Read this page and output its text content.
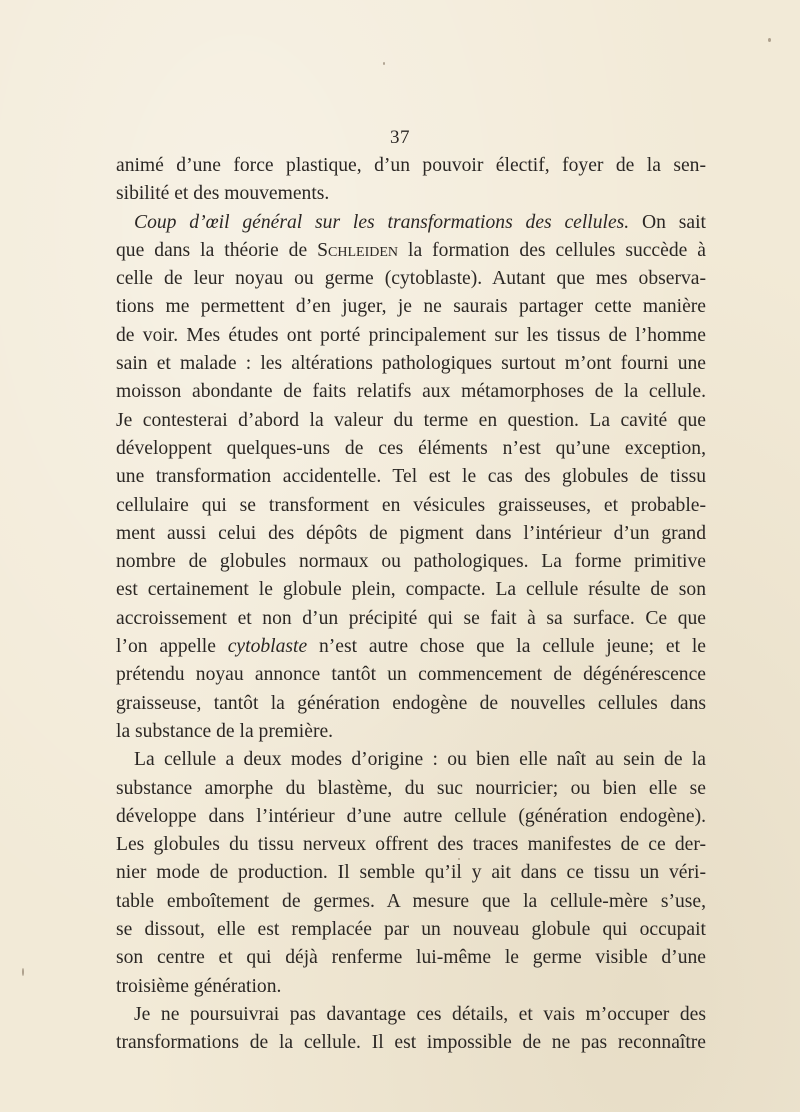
37
animé d’une force plastique, d’un pouvoir électif, foyer de la sen-
sibilité et des mouvements.
Coup d’œil général sur les transformations des cellules. On sait
que dans la théorie de Schleiden la formation des cellules succède à
celle de leur noyau ou germe (cytoblaste). Autant que mes observa-
tions me permettent d’en juger, je ne saurais partager cette manière
de voir. Mes études ont porté principalement sur les tissus de l’homme
sain et malade : les altérations pathologiques surtout m’ont fourni une
moisson abondante de faits relatifs aux métamorphoses de la cellule.
Je contesterai d’abord la valeur du terme en question. La cavité que
développent quelques-uns de ces éléments n’est qu’une exception,
une transformation accidentelle. Tel est le cas des globules de tissu
cellulaire qui se transforment en vésicules graisseuses, et probable-
ment aussi celui des dépôts de pigment dans l’intérieur d’un grand
nombre de globules normaux ou pathologiques. La forme primitive
est certainement le globule plein, compacte. La cellule résulte de son
accroissement et non d’un précipité qui se fait à sa surface. Ce que
l’on appelle cytoblaste n’est autre chose que la cellule jeune; et le
prétendu noyau annonce tantôt un commencement de dégénérescence
graisseuse, tantôt la génération endogène de nouvelles cellules dans
la substance de la première.
La cellule a deux modes d’origine : ou bien elle naît au sein de la
substance amorphe du blastème, du suc nourricier; ou bien elle se
développe dans l’intérieur d’une autre cellule (génération endogène).
Les globules du tissu nerveux offrent des traces manifestes de ce der-
nier mode de production. Il semble qu’il y ait dans ce tissu un véri-
table emboîtement de germes. A mesure que la cellule-mère s’use,
se dissout, elle est remplacée par un nouveau globule qui occupait
son centre et qui déjà renferme lui-même le germe visible d’une
troisième génération.
Je ne poursuivrai pas davantage ces détails, et vais m’occuper des
transformations de la cellule. Il est impossible de ne pas reconnaître
